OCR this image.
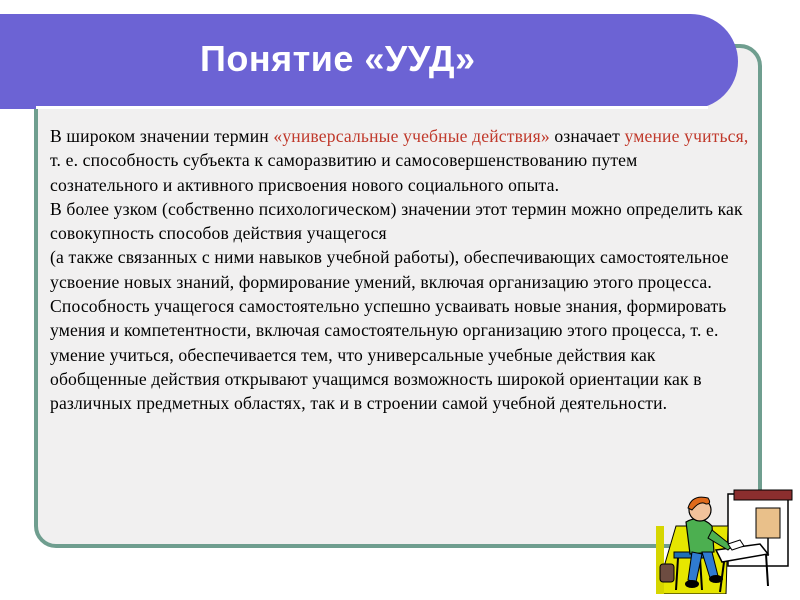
Понятие «УУД»

В широком значении термин «универсальные учебные действия» означает умение учиться, т. е. способность субъекта к саморазвитию и самосовершенствованию путем сознательного и активного присвоения нового социального опыта.

В более узком (собственно психологическом) значении этот термин можно определить как совокупность способов действия учащегося

(а также связанных с ними навыков учебной работы), обеспечивающих самостоятельное усвоение новых знаний, формирование умений, включая организацию этого процесса.

Способность учащегося самостоятельно успешно усваивать новые знания, формировать умения и компетентности, включая самостоятельную организацию этого процесса, т. е. умение учиться, обеспечивается тем, что универсальные учебные действия как обобщенные действия открывают учащимся возможность широкой ориентации как в различных предметных областях, так и в строении самой учебной деятельности.
